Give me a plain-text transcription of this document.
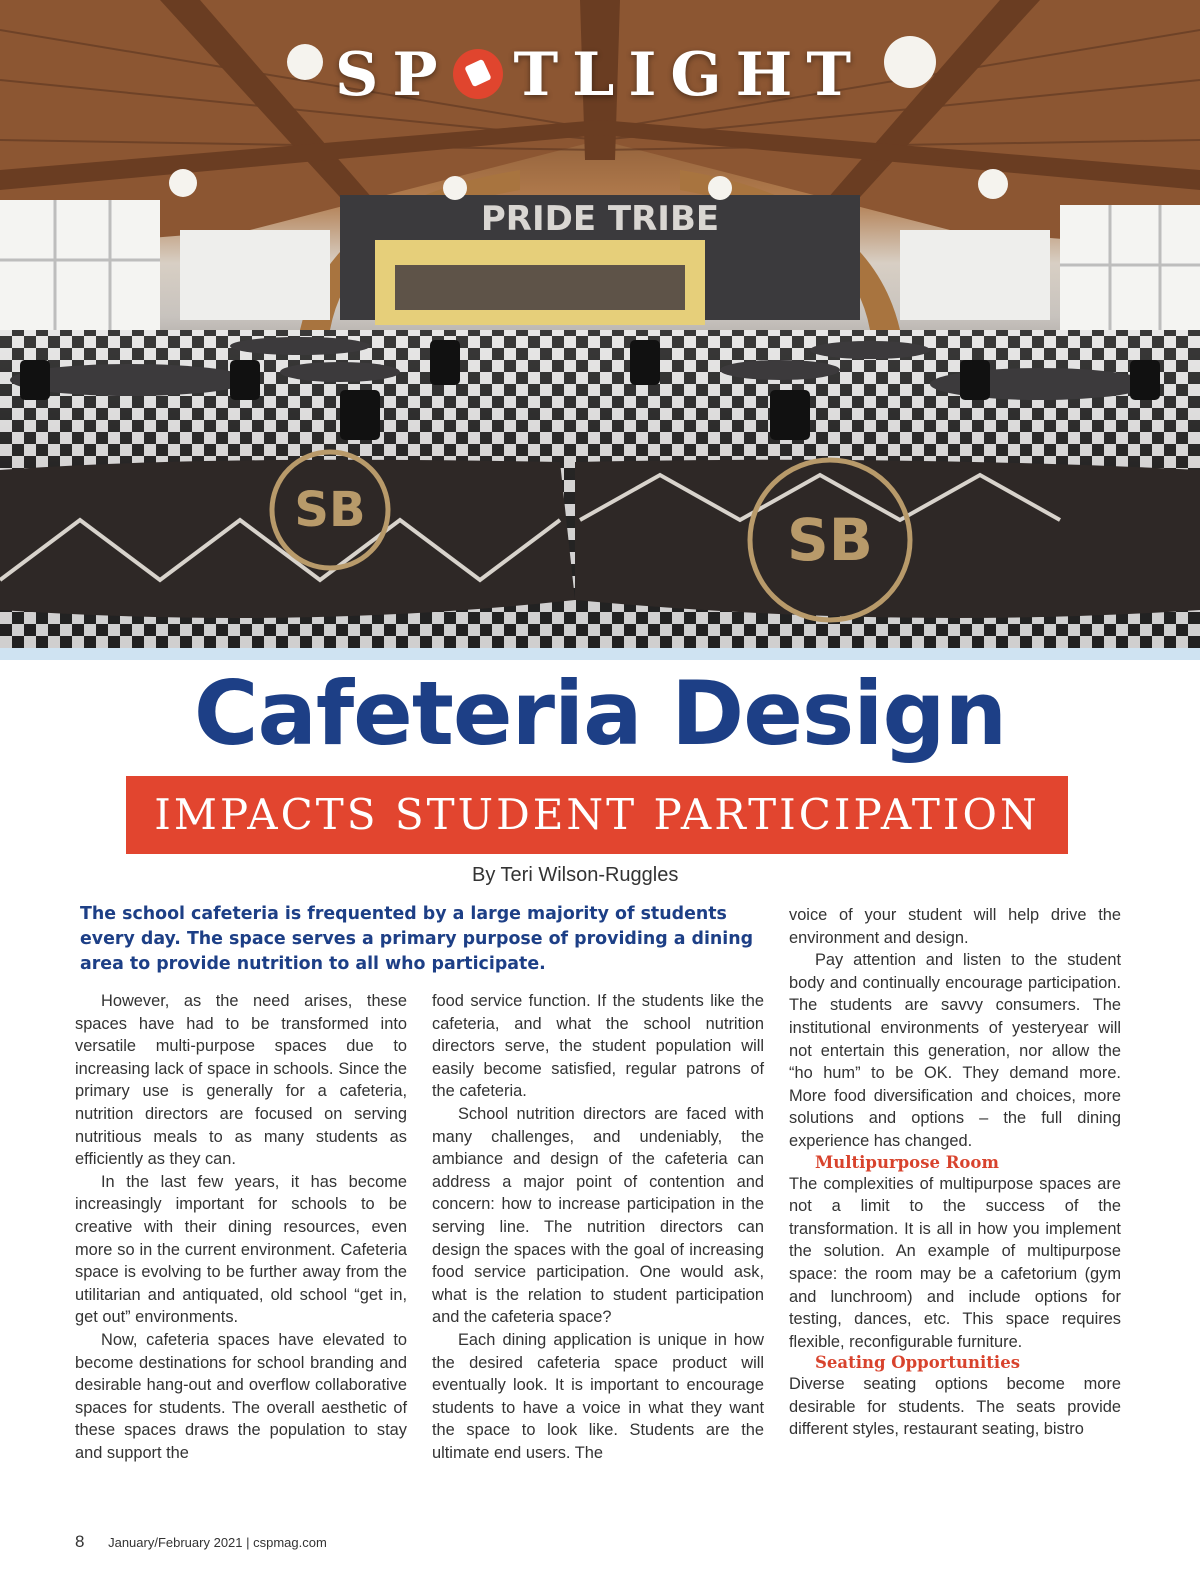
PRIDE TRIBE
SB	SB
SP TLIGHT
Cafeteria Design
IMPACTS STUDENT PARTICIPATION
By Teri Wilson-Ruggles
The school cafeteria is frequented by a large majority of students every day. The space serves a primary purpose of providing a dining area to provide nutrition to all who participate.

However, as the need arises, these spaces have had to be transformed into versatile multi-purpose spaces due to increasing lack of space in schools. Since the primary use is generally for a cafeteria, nutrition directors are focused on serving nutritious meals to as many students as efficiently as they can.

In the last few years, it has become increasingly important for schools to be creative with their dining resources, even more so in the current environment. Cafeteria space is evolving to be further away from the utilitarian and antiquated, old school “get in, get out” environments.

Now, cafeteria spaces have elevated to become destinations for school branding and desirable hang-out and overflow collaborative spaces for students. The overall aesthetic of these spaces draws the population to stay and support the

food service function. If the students like the cafeteria, and what the school nutrition directors serve, the student population will easily become satisfied, regular patrons of the cafeteria.

School nutrition directors are faced with many challenges, and undeniably, the ambiance and design of the cafeteria can address a major point of contention and concern: how to increase participation in the serving line. The nutrition directors can design the spaces with the goal of increasing food service participation. One would ask, what is the relation to student participation and the cafeteria space?

Each dining application is unique in how the desired cafeteria space product will eventually look. It is important to encourage students to have a voice in what they want the space to look like. Students are the ultimate end users. The

voice of your student will help drive the environment and design.

Pay attention and listen to the student body and continually encourage participation. The students are savvy consumers. The institutional environments of yesteryear will not entertain this generation, nor allow the “ho hum” to be OK. They demand more. More food diversification and choices, more solutions and options – the full dining experience has changed.

Multipurpose Room

The complexities of multipurpose spaces are not a limit to the success of the transformation. It is all in how you implement the solution. An example of multipurpose space: the room may be a cafetorium (gym and lunchroom) and include options for testing, dances, etc. This space requires flexible, reconfigurable furniture.

Seating Opportunities

Diverse seating options become more desirable for students. The seats provide different styles, restaurant seating, bistro

8 January/February 2021 | cspmag.com
